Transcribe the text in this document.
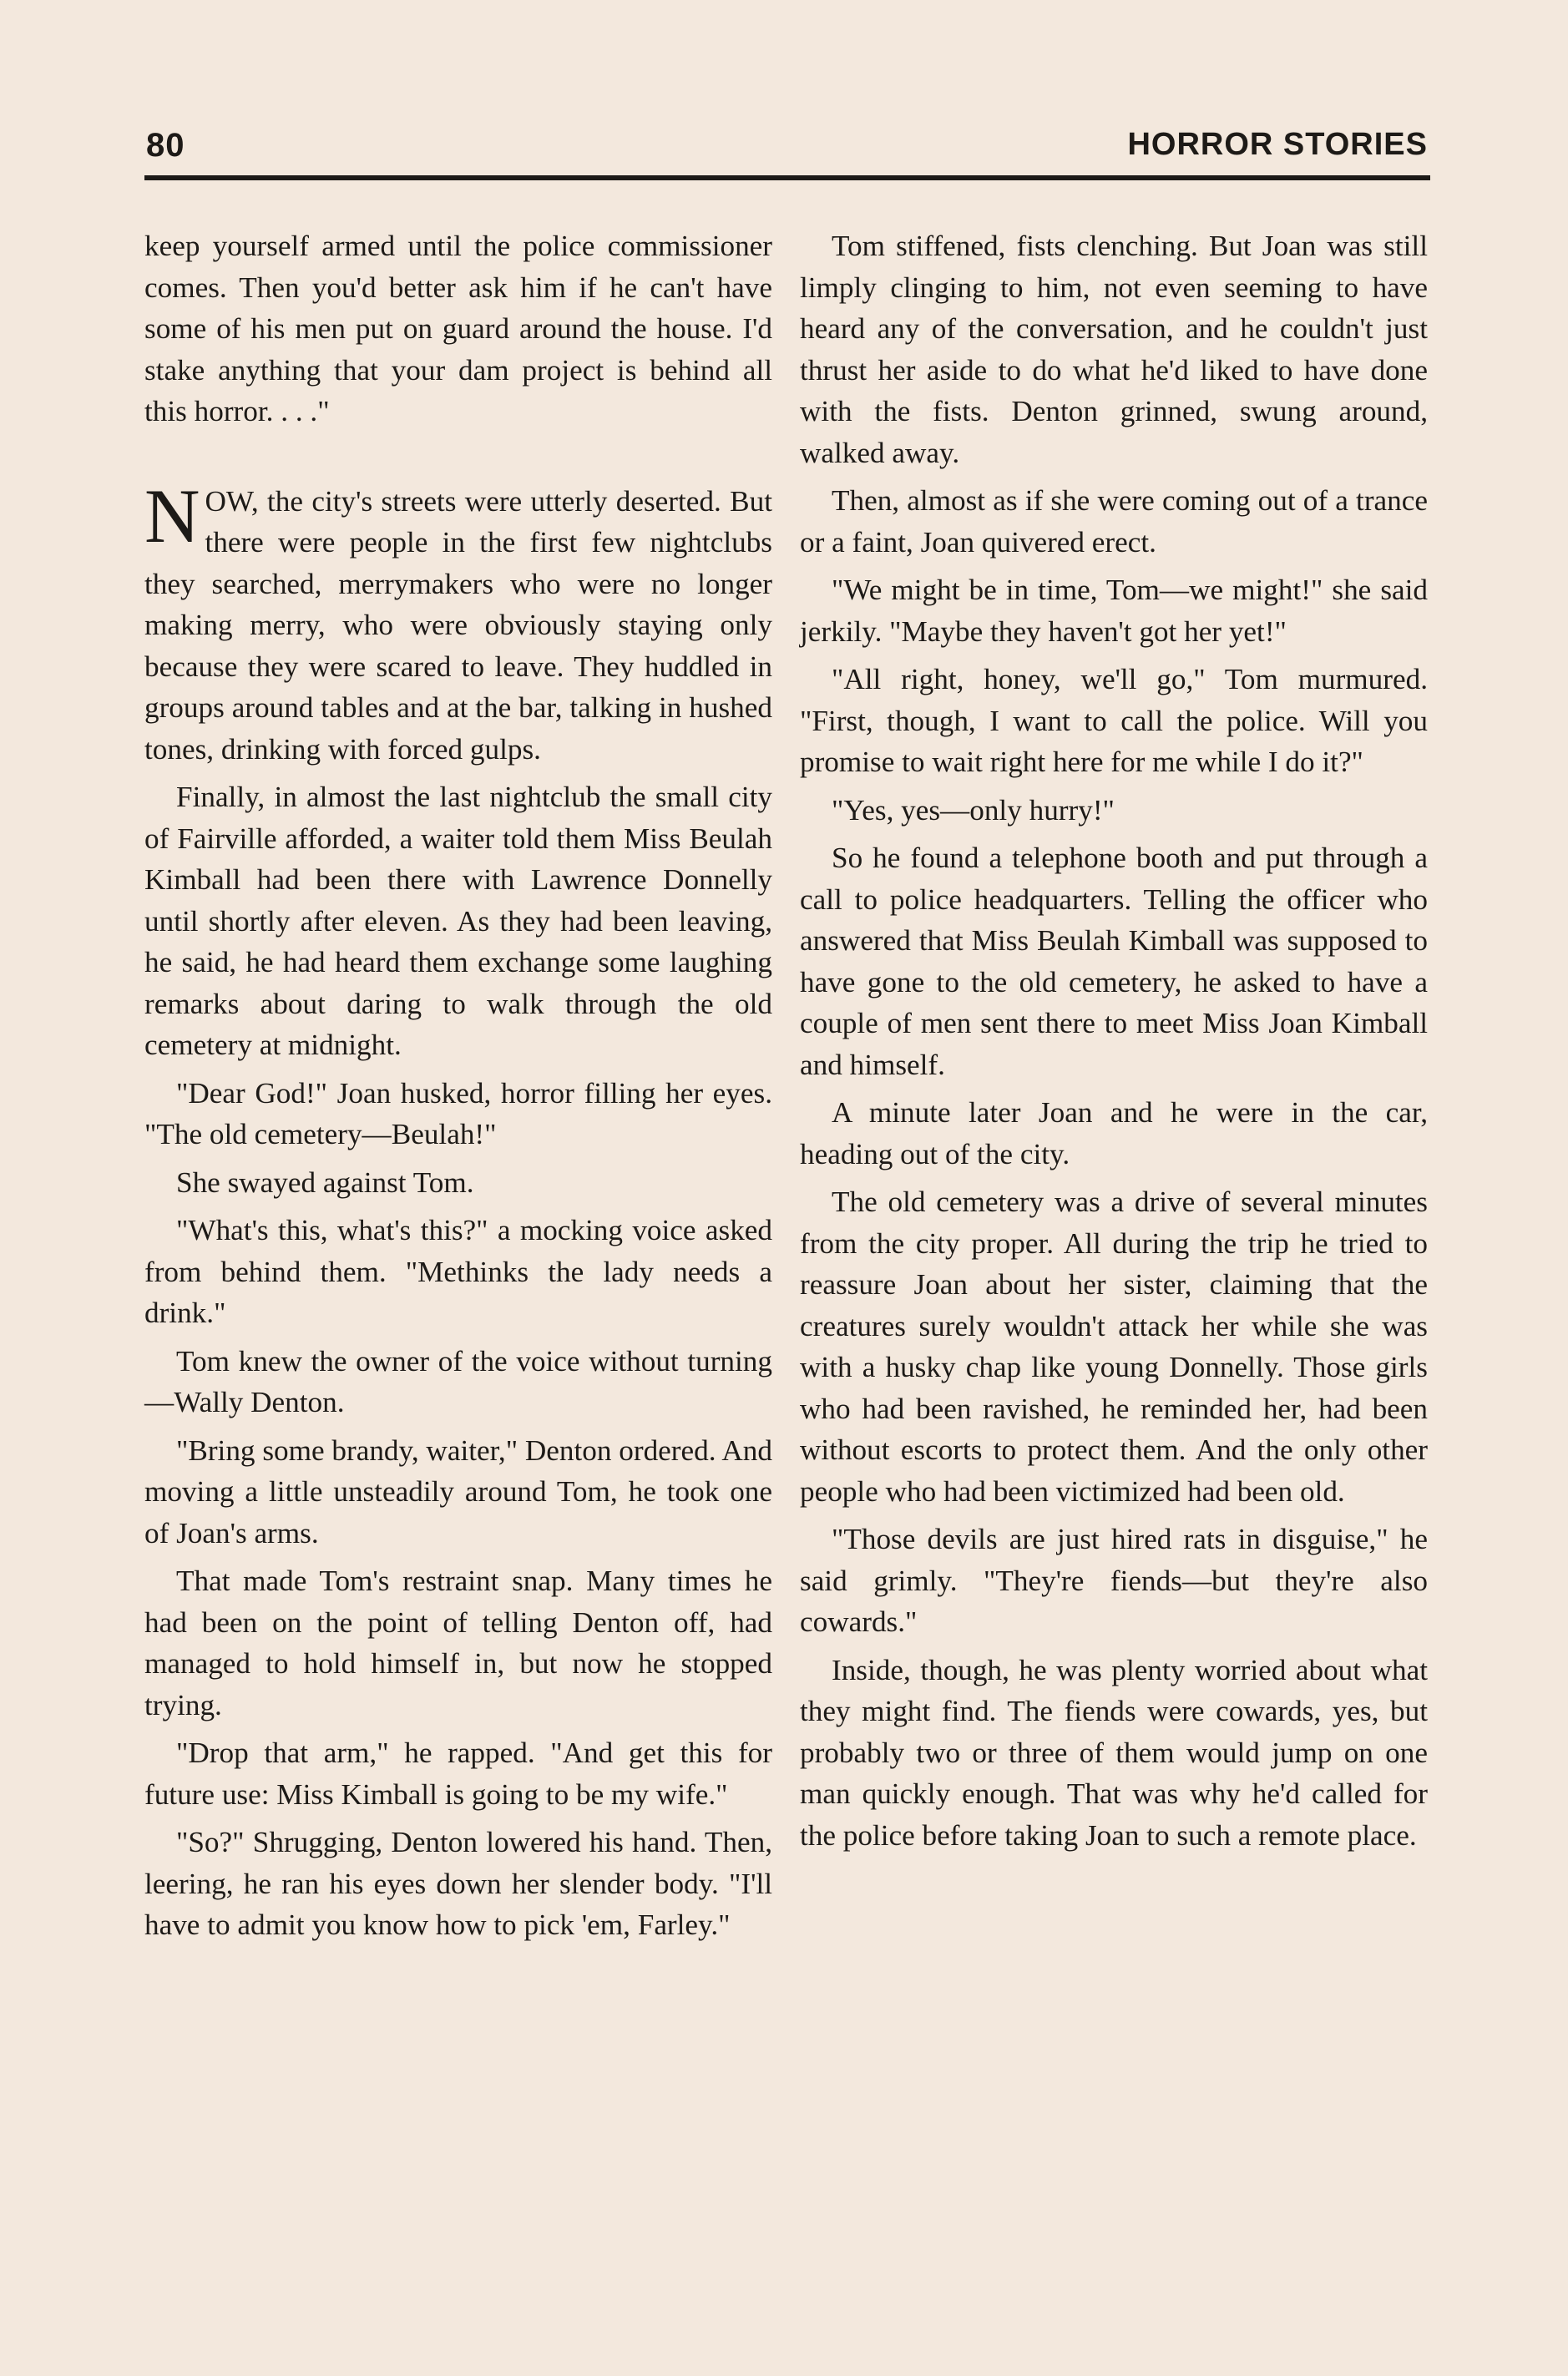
80	HORROR STORIES

keep yourself armed until the police commissioner comes. Then you'd better ask him if he can't have some of his men put on guard around the house. I'd stake anything that your dam project is behind all this horror. . . ."

NOW, the city's streets were utterly deserted. But there were people in the first few nightclubs they searched, merrymakers who were no longer making merry, who were obviously staying only because they were scared to leave. They huddled in groups around tables and at the bar, talking in hushed tones, drinking with forced gulps.

Finally, in almost the last nightclub the small city of Fairville afforded, a waiter told them Miss Beulah Kimball had been there with Lawrence Donnelly until shortly after eleven. As they had been leaving, he said, he had heard them exchange some laughing remarks about daring to walk through the old cemetery at midnight.

"Dear God!" Joan husked, horror filling her eyes. "The old cemetery—Beulah!"

She swayed against Tom.

"What's this, what's this?" a mocking voice asked from behind them. "Methinks the lady needs a drink."

Tom knew the owner of the voice without turning—Wally Denton.

"Bring some brandy, waiter," Denton ordered. And moving a little unsteadily around Tom, he took one of Joan's arms.

That made Tom's restraint snap. Many times he had been on the point of telling Denton off, had managed to hold himself in, but now he stopped trying.

"Drop that arm," he rapped. "And get this for future use: Miss Kimball is going to be my wife."

"So?" Shrugging, Denton lowered his hand. Then, leering, he ran his eyes down her slender body. "I'll have to admit you know how to pick 'em, Farley."

Tom stiffened, fists clenching. But Joan was still limply clinging to him, not even seeming to have heard any of the conversation, and he couldn't just thrust her aside to do what he'd liked to have done with the fists. Denton grinned, swung around, walked away.

Then, almost as if she were coming out of a trance or a faint, Joan quivered erect.

"We might be in time, Tom—we might!" she said jerkily. "Maybe they haven't got her yet!"

"All right, honey, we'll go," Tom murmured. "First, though, I want to call the police. Will you promise to wait right here for me while I do it?"

"Yes, yes—only hurry!"

So he found a telephone booth and put through a call to police headquarters. Telling the officer who answered that Miss Beulah Kimball was supposed to have gone to the old cemetery, he asked to have a couple of men sent there to meet Miss Joan Kimball and himself.

A minute later Joan and he were in the car, heading out of the city.

The old cemetery was a drive of several minutes from the city proper. All during the trip he tried to reassure Joan about her sister, claiming that the creatures surely wouldn't attack her while she was with a husky chap like young Donnelly. Those girls who had been ravished, he reminded her, had been without escorts to protect them. And the only other people who had been victimized had been old.

"Those devils are just hired rats in disguise," he said grimly. "They're fiends—but they're also cowards."

Inside, though, he was plenty worried about what they might find. The fiends were cowards, yes, but probably two or three of them would jump on one man quickly enough. That was why he'd called for the police before taking Joan to such a remote place.
